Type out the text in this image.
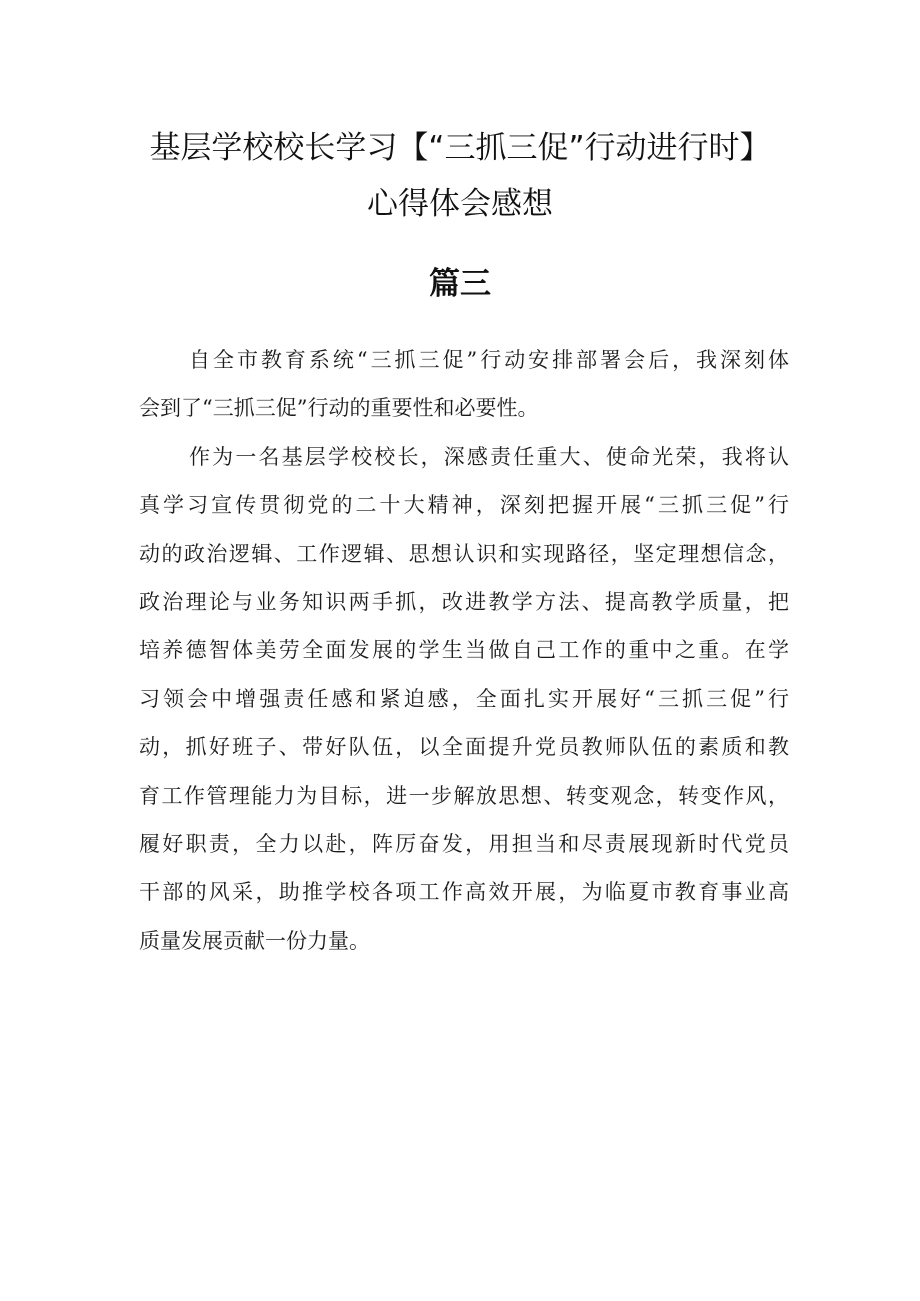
基层学校校长学习【“三抓三促”行动进行时】
心得体会感想
篇三
自全市教育系统“三抓三促”行动安排部署会后，我深刻体
会到了“三抓三促”行动的重要性和必要性。
作为一名基层学校校长，深感责任重大、使命光荣，我将认
真学习宣传贯彻党的二十大精神，深刻把握开展“三抓三促”行
动的政治逻辑、工作逻辑、思想认识和实现路径，坚定理想信念，
政治理论与业务知识两手抓，改进教学方法、提高教学质量，把
培养德智体美劳全面发展的学生当做自己工作的重中之重。在学
习领会中增强责任感和紧迫感，全面扎实开展好“三抓三促”行
动，抓好班子、带好队伍，以全面提升党员教师队伍的素质和教
育工作管理能力为目标，进一步解放思想、转变观念，转变作风，
履好职责，全力以赴，阵厉奋发，用担当和尽责展现新时代党员
干部的风采，助推学校各项工作高效开展，为临夏市教育事业高
质量发展贡献一份力量。
